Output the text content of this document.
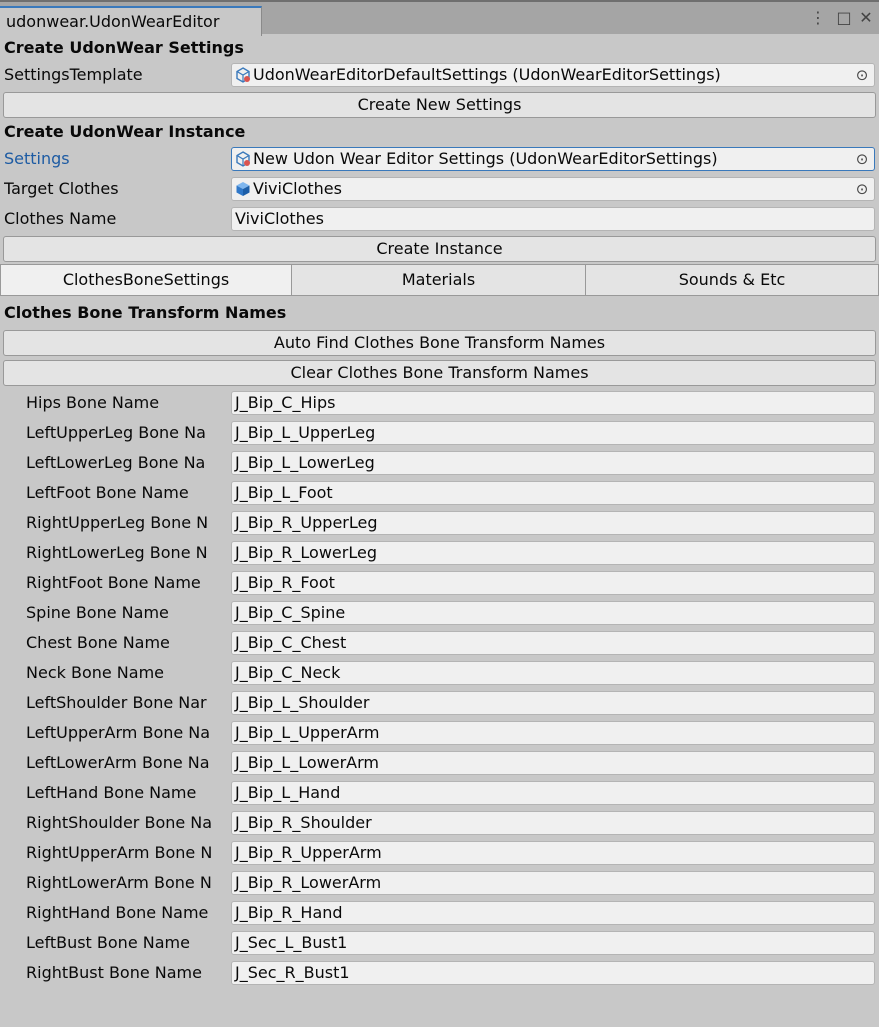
udonwear.UdonWearEditor	⋮ □ ✕
Create UdonWear Settings
SettingsTemplate	UdonWearEditorDefaultSettings (UdonWearEditorSettings)	⊙
Create New Settings
Create UdonWear Instance
Settings	New Udon Wear Editor Settings (UdonWearEditorSettings)	⊙
Target Clothes	ViviClothes	⊙
Clothes Name	ViviClothes
Create Instance
ClothesBoneSettings	Materials	Sounds & Etc
Clothes Bone Transform Names
Auto Find Clothes Bone Transform Names
Clear Clothes Bone Transform Names
Hips Bone Name	J_Bip_C_Hips
LeftUpperLeg Bone Na	J_Bip_L_UpperLeg
LeftLowerLeg Bone Na	J_Bip_L_LowerLeg
LeftFoot Bone Name	J_Bip_L_Foot
RightUpperLeg Bone N	J_Bip_R_UpperLeg
RightLowerLeg Bone N	J_Bip_R_LowerLeg
RightFoot Bone Name	J_Bip_R_Foot
Spine Bone Name	J_Bip_C_Spine
Chest Bone Name	J_Bip_C_Chest
Neck Bone Name	J_Bip_C_Neck
LeftShoulder Bone Nar	J_Bip_L_Shoulder
LeftUpperArm Bone Na	J_Bip_L_UpperArm
LeftLowerArm Bone Na	J_Bip_L_LowerArm
LeftHand Bone Name	J_Bip_L_Hand
RightShoulder Bone Na	J_Bip_R_Shoulder
RightUpperArm Bone N	J_Bip_R_UpperArm
RightLowerArm Bone N	J_Bip_R_LowerArm
RightHand Bone Name	J_Bip_R_Hand
LeftBust Bone Name	J_Sec_L_Bust1
RightBust Bone Name	J_Sec_R_Bust1
